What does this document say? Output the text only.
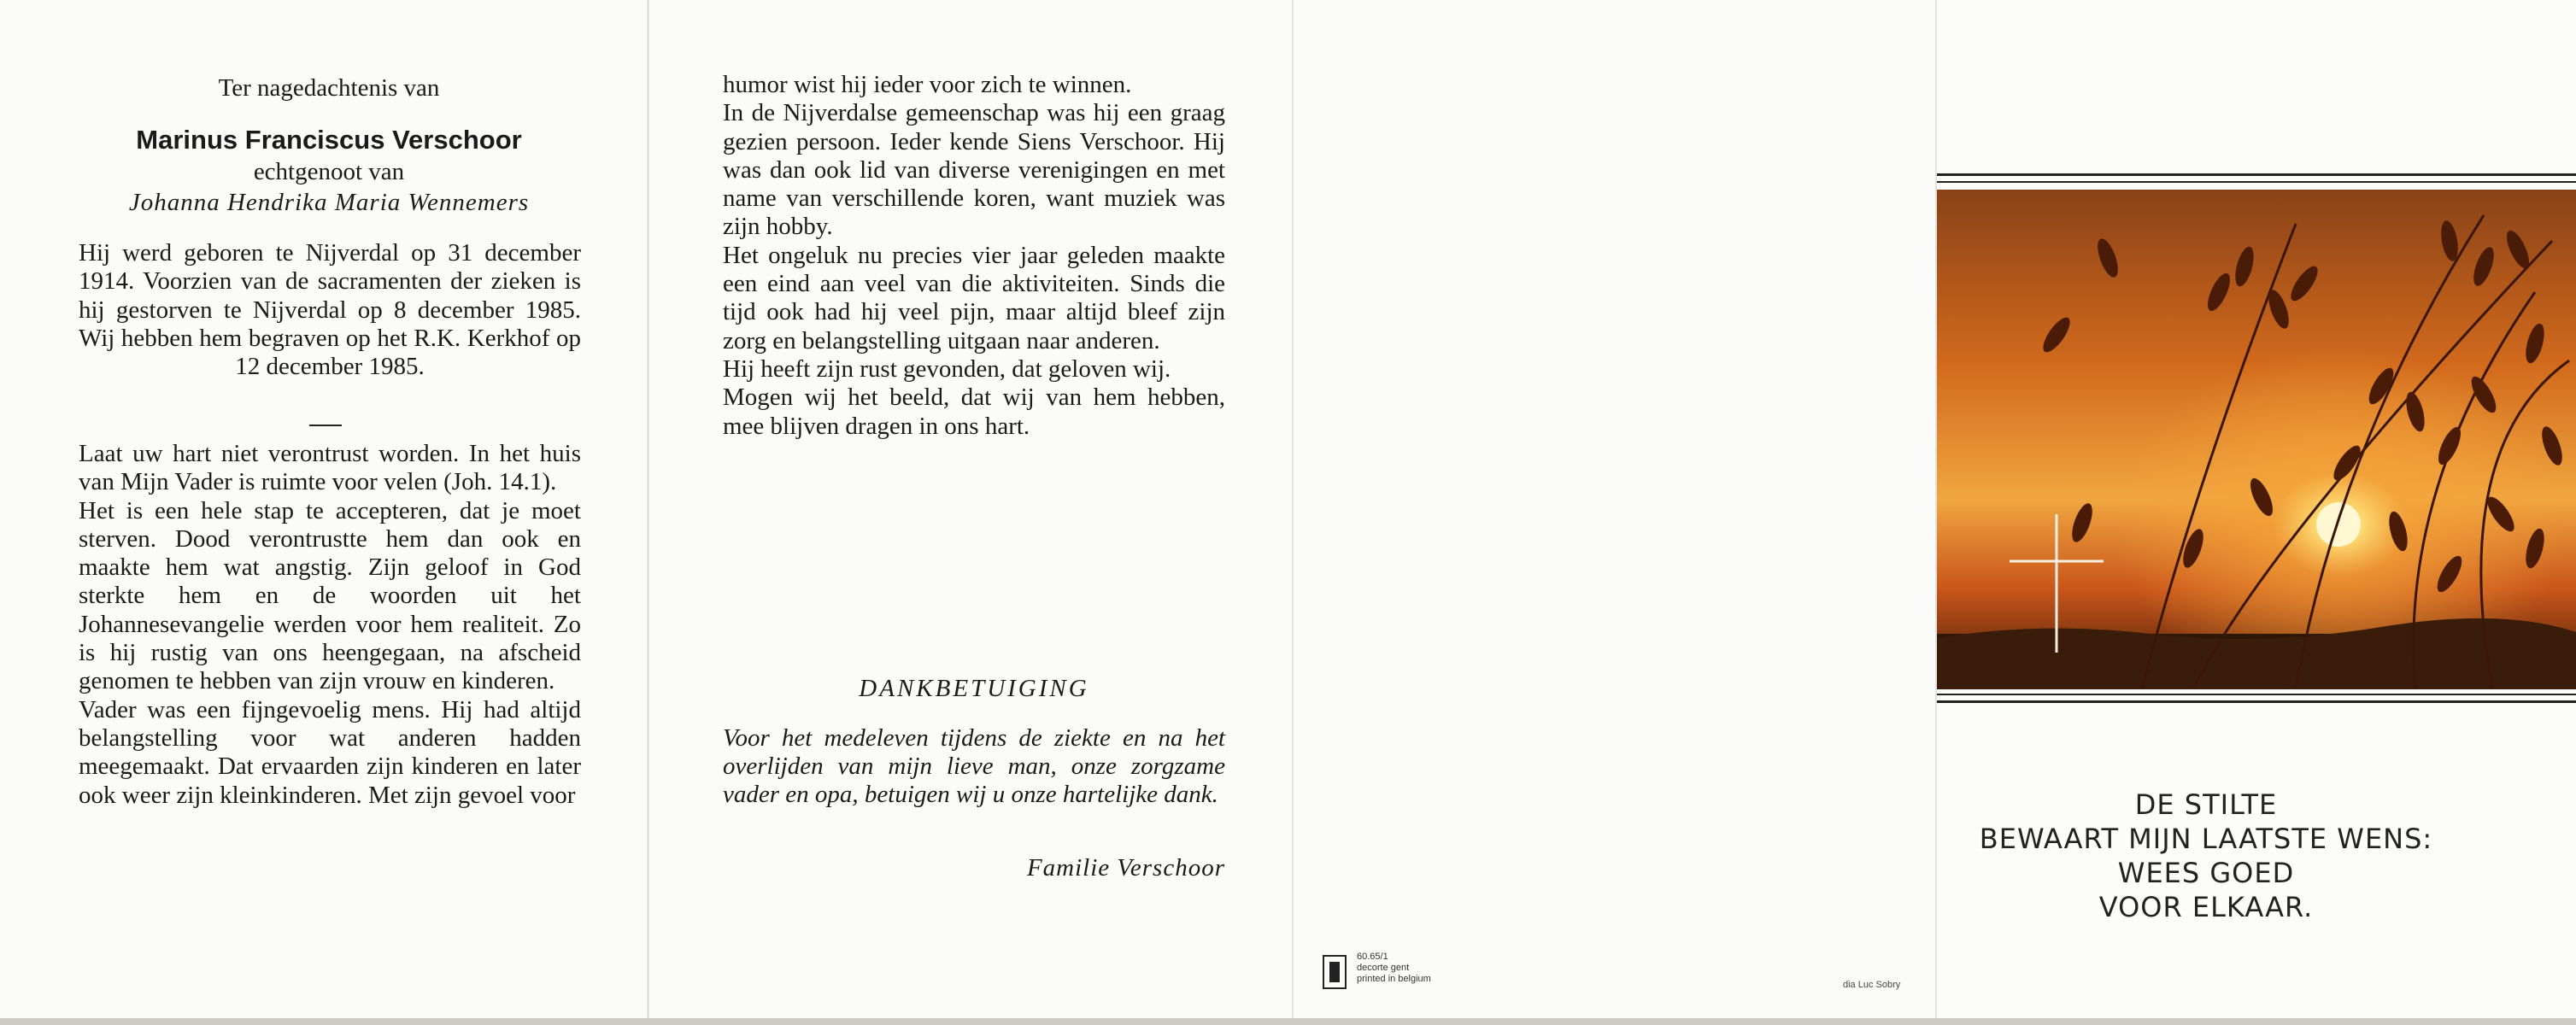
Ter nagedachtenis van
Marinus Franciscus Verschoor
echtgenoot van
Johanna Hendrika Maria Wennemers

Hij werd geboren te Nijverdal op 31 december 1914. Voorzien van de sacramenten der zieken is hij gestorven te Nijverdal op 8 december 1985. Wij hebben hem begraven op het R.K. Kerkhof op 12 december 1985.

Laat uw hart niet verontrust worden. In het huis van Mijn Vader is ruimte voor velen (Joh. 14.1).

Het is een hele stap te accepteren, dat je moet sterven. Dood verontrustte hem dan ook en maakte hem wat angstig. Zijn geloof in God sterkte hem en de woorden uit het Johannesevangelie werden voor hem realiteit. Zo is hij rustig van ons heengegaan, na afscheid genomen te hebben van zijn vrouw en kinderen.

Vader was een fijngevoelig mens. Hij had altijd belangstelling voor wat anderen hadden meegemaakt. Dat ervaarden zijn kinderen en later ook weer zijn kleinkinderen. Met zijn gevoel voor

humor wist hij ieder voor zich te winnen.

In de Nijverdalse gemeenschap was hij een graag gezien persoon. Ieder kende Siens Verschoor. Hij was dan ook lid van diverse verenigingen en met name van verschillende koren, want muziek was zijn hobby.

Het ongeluk nu precies vier jaar geleden maakte een eind aan veel van die aktiviteiten. Sinds die tijd ook had hij veel pijn, maar altijd bleef zijn zorg en belangstelling uitgaan naar anderen.

Hij heeft zijn rust gevonden, dat geloven wij.

Mogen wij het beeld, dat wij van hem hebben, mee blijven dragen in ons hart.

DANKBETUIGING

Voor het medeleven tijdens de ziekte en na het overlijden van mijn lieve man, onze zorgzame vader en opa, betuigen wij u onze hartelijke dank.

Familie Verschoor
60.65/1
decorte gent
printed in belgium
DE STILTE
BEWAART MIJN LAATSTE WENS:
WEES GOED
VOOR ELKAAR.
dia Luc Sobry
